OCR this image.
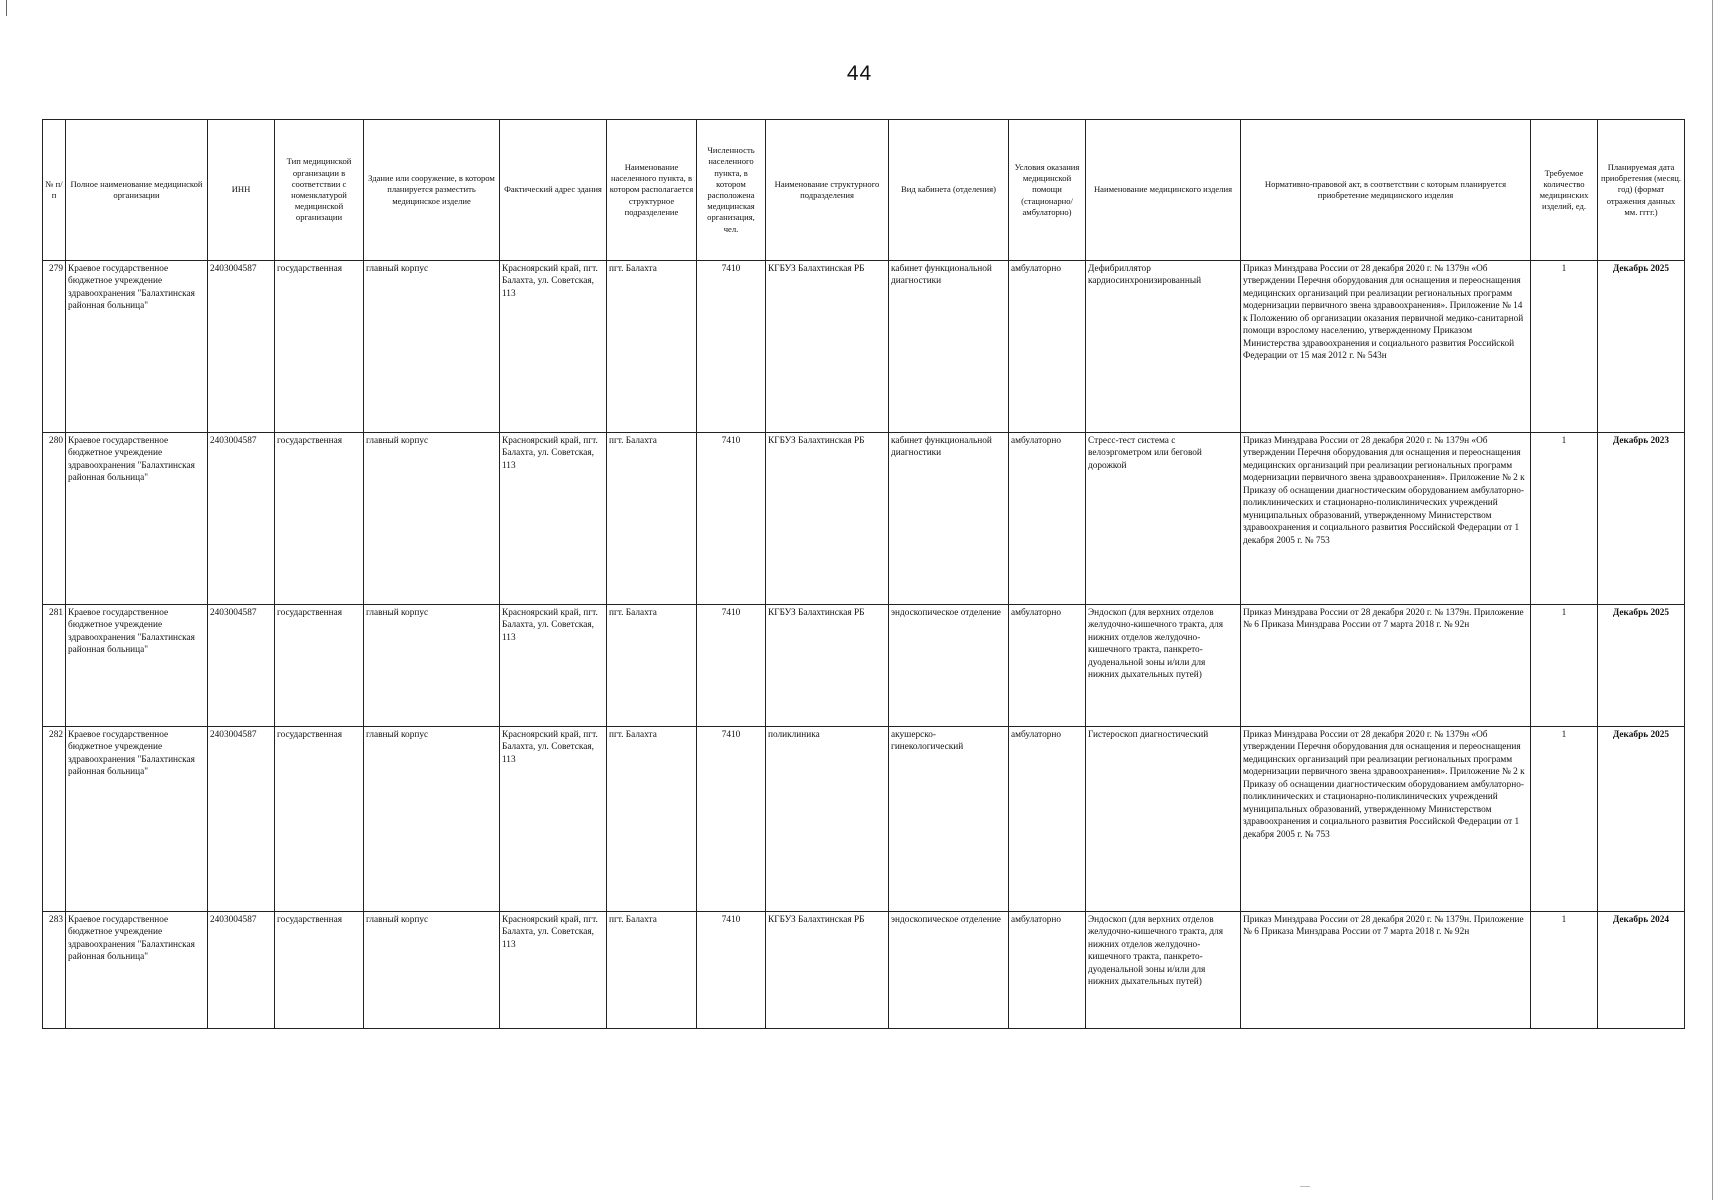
44
№ п/п	Полное наименование медицинской организации	ИНН	Тип медицинской организации в соответствии с номенклатурой медицинской организации	Здание или сооружение, в котором планируется разместить медицинское изделие	Фактический адрес здания	Наименование населенного пункта, в котором располагается структурное подразделение	Численность населенного пункта, в котором расположена медицинская организация, чел.	Наименование структурного подразделения	Вид кабинета (отделения)	Условия оказания медицинской помощи (стационарно/ амбулаторно)	Наименование медицинского изделия	Нормативно-правовой акт, в соответствии с которым планируется приобретение медицинского изделия	Требуемое количество медицинских изделий, ед.	Планируемая дата приобретения (месяц. год) (формат отражения данных мм. гггг.)
279	Краевое государственное бюджетное учреждение здравоохранения "Балахтинская районная больница"	2403004587	государственная	главный корпус	Красноярский край, пгт. Балахта, ул. Советская, 113	пгт. Балахта	7410	КГБУЗ Балахтинская РБ	кабинет функциональной диагностики	амбулаторно	Дефибриллятор кардиосинхронизированный	Приказ Минздрава России от 28 декабря 2020 г. № 1379н «Об утверждении Перечня оборудования для оснащения и переоснащения медицинских организаций при реализации региональных программ модернизации первичного звена здравоохранения». Приложение № 14 к Положению об организации оказания первичной медико-санитарной помощи взрослому населению, утвержденному Приказом Министерства здравоохранения и социального развития Российской Федерации от 15 мая 2012 г. № 543н	1	Декабрь 2025
280	Краевое государственное бюджетное учреждение здравоохранения "Балахтинская районная больница"	2403004587	государственная	главный корпус	Красноярский край, пгт. Балахта, ул. Советская, 113	пгт. Балахта	7410	КГБУЗ Балахтинская РБ	кабинет функциональной диагностики	амбулаторно	Стресс-тест система с велоэргометром или беговой дорожкой	Приказ Минздрава России от 28 декабря 2020 г. № 1379н «Об утверждении Перечня оборудования для оснащения и переоснащения медицинских организаций при реализации региональных программ модернизации первичного звена здравоохранения». Приложение № 2 к Приказу об оснащении диагностическим оборудованием амбулаторно-поликлинических и стационарно-поликлинических учреждений муниципальных образований, утвержденному Министерством здравоохранения и социального развития Российской Федерации от 1 декабря 2005 г. № 753	1	Декабрь 2023
281	Краевое государственное бюджетное учреждение здравоохранения "Балахтинская районная больница"	2403004587	государственная	главный корпус	Красноярский край, пгт. Балахта, ул. Советская, 113	пгт. Балахта	7410	КГБУЗ Балахтинская РБ	эндоскопическое отделение	амбулаторно	Эндоскоп (для верхних отделов желудочно-кишечного тракта, для нижних отделов желудочно-кишечного тракта, панкрето-дуоденальной зоны и/или для нижних дыхательных путей)	Приказ Минздрава России от 28 декабря 2020 г. № 1379н. Приложение № 6 Приказа Минздрава России от 7 марта 2018 г. № 92н	1	Декабрь 2025
282	Краевое государственное бюджетное учреждение здравоохранения "Балахтинская районная больница"	2403004587	государственная	главный корпус	Красноярский край, пгт. Балахта, ул. Советская, 113	пгт. Балахта	7410	поликлиника	акушерско-гинекологический	амбулаторно	Гистероскоп диагностический	Приказ Минздрава России от 28 декабря 2020 г. № 1379н «Об утверждении Перечня оборудования для оснащения и переоснащения медицинских организаций при реализации региональных программ модернизации первичного звена здравоохранения». Приложение № 2 к Приказу об оснащении диагностическим оборудованием амбулаторно-поликлинических и стационарно-поликлинических учреждений муниципальных образований, утвержденному Министерством здравоохранения и социального развития Российской Федерации от 1 декабря 2005 г. № 753	1	Декабрь 2025
283	Краевое государственное бюджетное учреждение здравоохранения "Балахтинская районная больница"	2403004587	государственная	главный корпус	Красноярский край, пгт. Балахта, ул. Советская, 113	пгт. Балахта	7410	КГБУЗ Балахтинская РБ	эндоскопическое отделение	амбулаторно	Эндоскоп (для верхних отделов желудочно-кишечного тракта, для нижних отделов желудочно-кишечного тракта, панкрето-дуоденальной зоны и/или для нижних дыхательных путей)	Приказ Минздрава России от 28 декабря 2020 г. № 1379н. Приложение № 6 Приказа Минздрава России от 7 марта 2018 г. № 92н	1	Декабрь 2024
